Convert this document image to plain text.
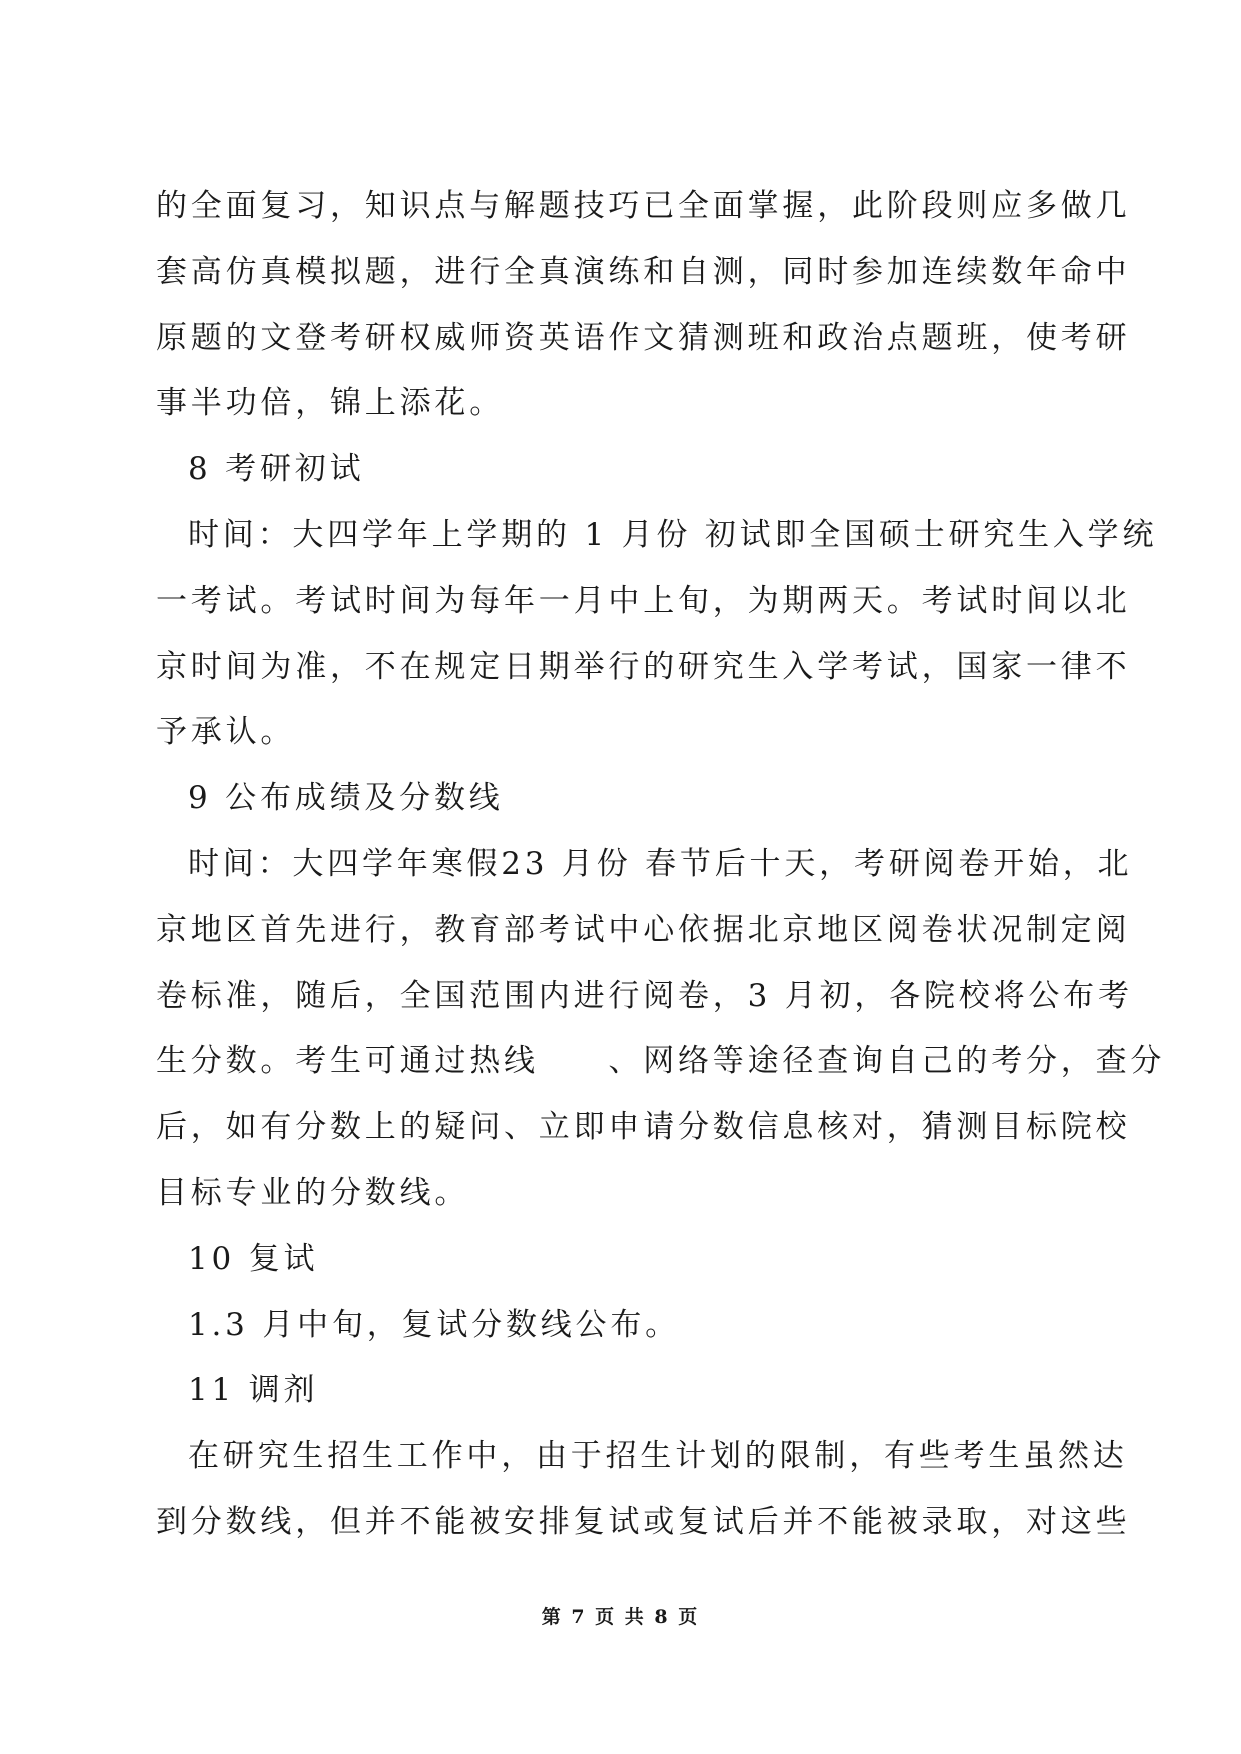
的全面复习，知识点与解题技巧已全面掌握，此阶段则应多做几
套高仿真模拟题，进行全真演练和自测，同时参加连续数年命中
原题的文登考研权威师资英语作文猜测班和政治点题班，使考研
事半功倍，锦上添花。
8 考研初试
时间：大四学年上学期的 1 月份 初试即全国硕士研究生入学统
一考试。考试时间为每年一月中上旬，为期两天。考试时间以北
京时间为准，不在规定日期举行的研究生入学考试，国家一律不
予承认。
9 公布成绩及分数线
时间：大四学年寒假23 月份 春节后十天，考研阅卷开始，北
京地区首先进行，教育部考试中心依据北京地区阅卷状况制定阅
卷标准，随后，全国范围内进行阅卷，3 月初，各院校将公布考
生分数。考生可通过热线　　、网络等途径查询自己的考分，查分
后，如有分数上的疑问、立即申请分数信息核对，猜测目标院校
目标专业的分数线。
10 复试
1.3 月中旬，复试分数线公布。
11 调剂
在研究生招生工作中，由于招生计划的限制，有些考生虽然达
到分数线，但并不能被安排复试或复试后并不能被录取，对这些
第 7 页 共 8 页
